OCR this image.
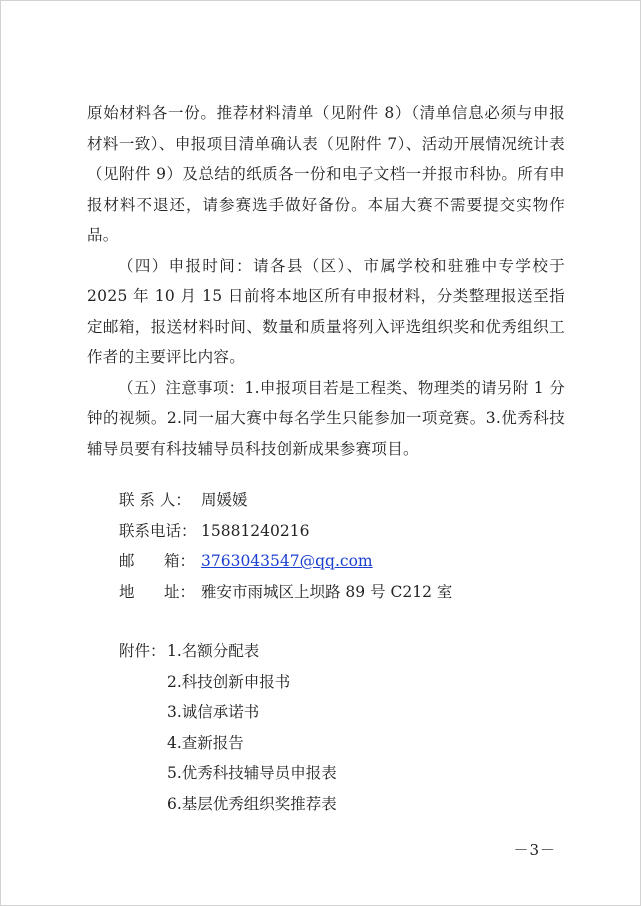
原始材料各一份。推荐材料清单（见附件 8）（清单信息必须与申报材料一致）、申报项目清单确认表（见附件 7）、活动开展情况统计表（见附件 9）及总结的纸质各一份和电子文档一并报市科协。所有申报材料不退还，请参赛选手做好备份。本届大赛不需要提交实物作品。

（四）申报时间：请各县（区）、市属学校和驻雅中专学校于 2025 年 10 月 15 日前将本地区所有申报材料，分类整理报送至指定邮箱，报送材料时间、数量和质量将列入评选组织奖和优秀组织工作者的主要评比内容。

（五）注意事项：1.申报项目若是工程类、物理类的请另附 1 分钟的视频。2.同一届大赛中每名学生只能参加一项竞赛。3.优秀科技辅导员要有科技辅导员科技创新成果参赛项目。

联 系 人： 周媛媛
联系电话： 15881240216
邮      箱： 3763043547@qq.com
地      址： 雅安市雨城区上坝路 89 号 C212 室
附件：1.名额分配表
2.科技创新申报书
3.诚信承诺书
4.查新报告
5.优秀科技辅导员申报表
6.基层优秀组织奖推荐表
－3－
